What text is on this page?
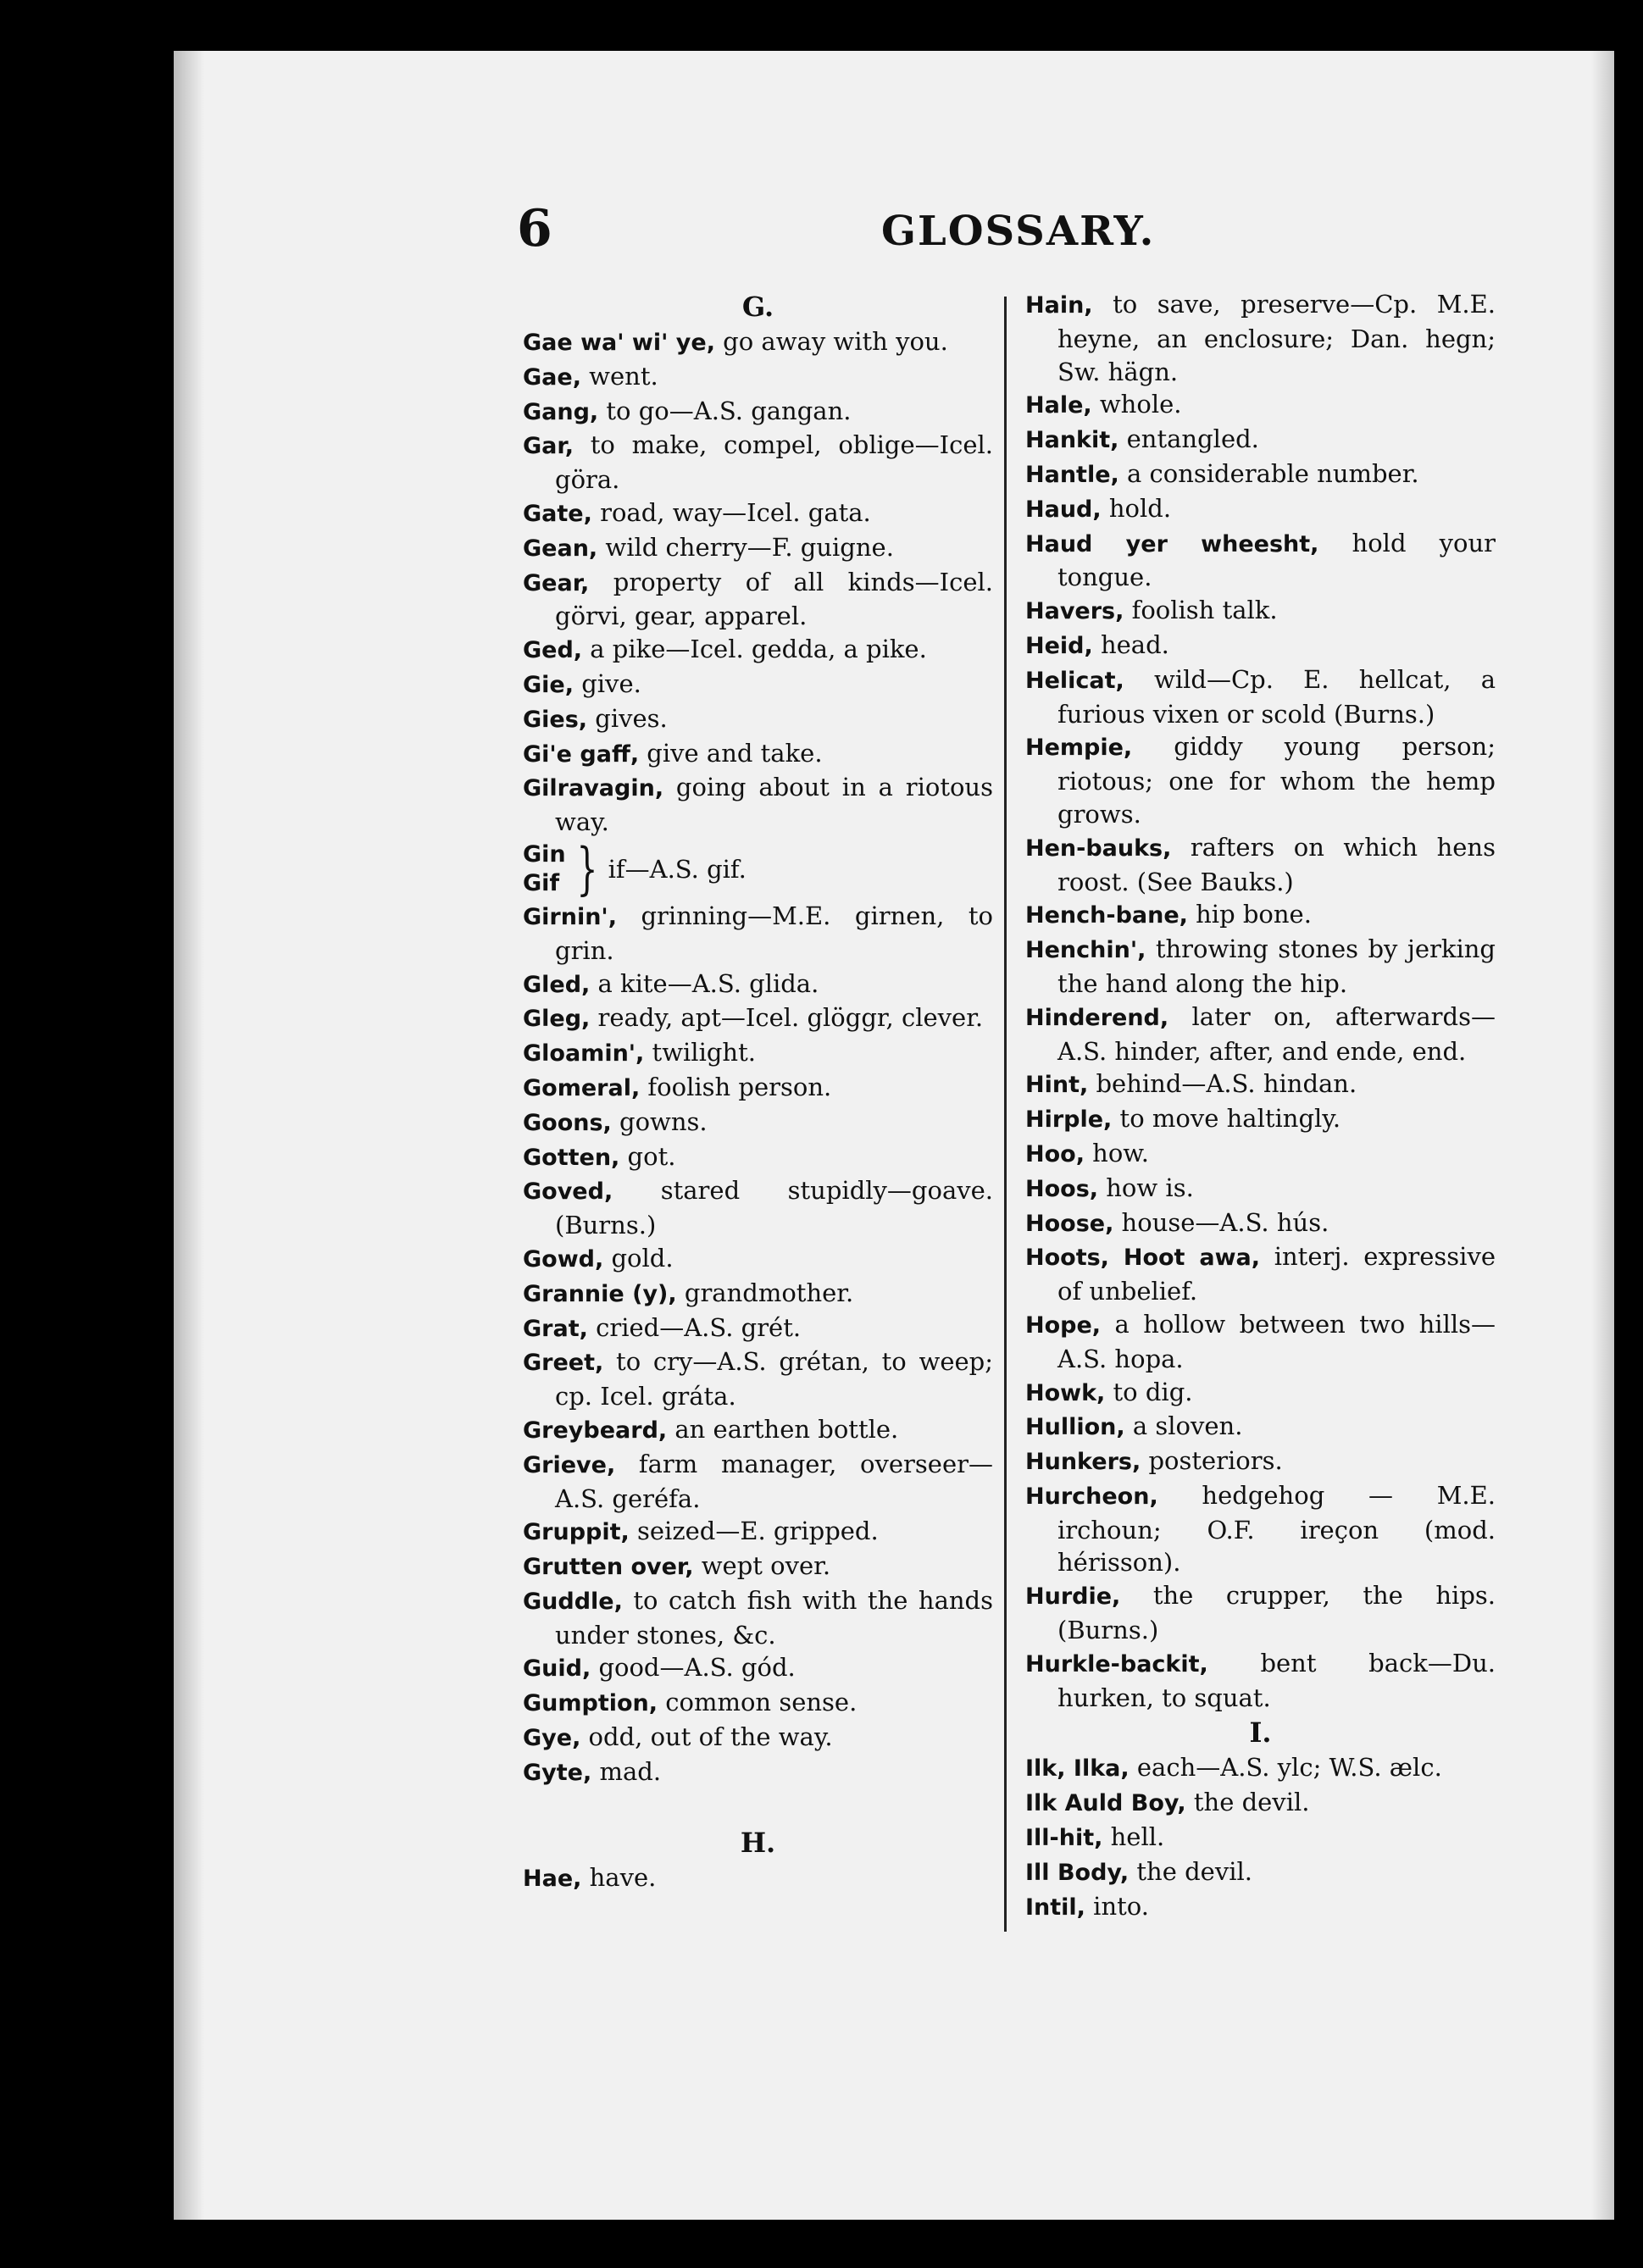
6	GLOSSARY.
G.

Gae wa' wi' ye, go away with you.

Gae, went.

Gang, to go—A.S. gangan.

Gar, to make, compel, oblige—Icel. göra.

Gate, road, way—Icel. gata.

Gean, wild cherry—F. guigne.

Gear, property of all kinds—Icel. görvi, gear, apparel.

Ged, a pike—Icel. gedda, a pike.

Gie, give.

Gies, gives.

Gi'e gaff, give and take.

Gilravagin, going about in a riotous way.

Gin
Gif } if—A.S. gif.

Girnin', grinning—M.E. girnen, to grin.

Gled, a kite—A.S. glida.

Gleg, ready, apt—Icel. glöggr, clever.

Gloamin', twilight.

Gomeral, foolish person.

Goons, gowns.

Gotten, got.

Goved, stared stupidly—goave. (Burns.)

Gowd, gold.

Grannie (y), grandmother.

Grat, cried—A.S. grét.

Greet, to cry—A.S. grétan, to weep; cp. Icel. gráta.

Greybeard, an earthen bottle.

Grieve, farm manager, overseer—A.S. geréfa.

Gruppit, seized—E. gripped.

Grutten over, wept over.

Guddle, to catch fish with the hands under stones, &c.

Guid, good—A.S. gód.

Gumption, common sense.

Gye, odd, out of the way.

Gyte, mad.

H.

Hae, have.

Hain, to save, preserve—Cp. M.E. heyne, an enclosure; Dan. hegn; Sw. hägn.

Hale, whole.

Hankit, entangled.

Hantle, a considerable number.

Haud, hold.

Haud yer wheesht, hold your tongue.

Havers, foolish talk.

Heid, head.

Helicat, wild—Cp. E. hellcat, a furious vixen or scold (Burns.)

Hempie, giddy young person; riotous; one for whom the hemp grows.

Hen-bauks, rafters on which hens roost. (See Bauks.)

Hench-bane, hip bone.

Henchin', throwing stones by jerking the hand along the hip.

Hinderend, later on, afterwards—A.S. hinder, after, and ende, end.

Hint, behind—A.S. hindan.

Hirple, to move haltingly.

Hoo, how.

Hoos, how is.

Hoose, house—A.S. hús.

Hoots, Hoot awa, interj. expressive of unbelief.

Hope, a hollow between two hills—A.S. hopa.

Howk, to dig.

Hullion, a sloven.

Hunkers, posteriors.

Hurcheon, hedgehog — M.E. irchoun; O.F. ireçon (mod. hérisson).

Hurdie, the crupper, the hips. (Burns.)

Hurkle-backit, bent back—Du. hurken, to squat.

I.

Ilk, Ilka, each—A.S. ylc; W.S. ælc.

Ilk Auld Boy, the devil.

Ill-hit, hell.

Ill Body, the devil.

Intil, into.
